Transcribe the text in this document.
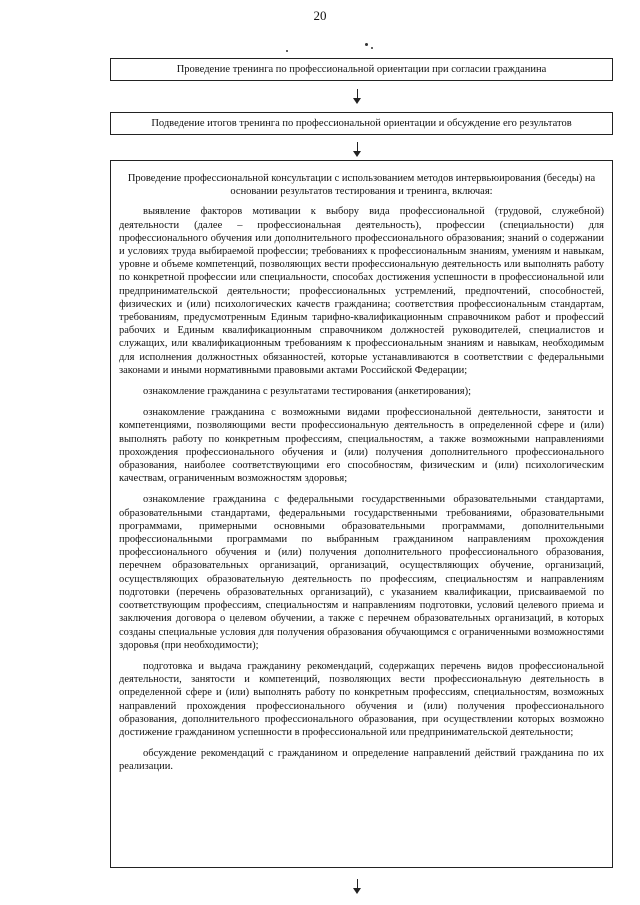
20
Проведение тренинга по профессиональной ориентации при согласии гражданина
Подведение итогов тренинга по профессиональной ориентации и обсуждение его результатов
Проведение профессиональной консультации с использованием методов интервьюирования (беседы) на основании результатов тестирования и тренинга, включая:

выявление факторов мотивации к выбору вида профессиональной (трудовой, служебной) деятельности (далее – профессиональная деятельность), профессии (специальности) для профессионального обучения или дополнительного профессионального образования; знаний о содержании и условиях труда выбираемой профессии; требованиях к профессиональным знаниям, умениям и навыкам, уровне и объеме компетенций, позволяющих вести профессиональную деятельность или выполнять работу по конкретной профессии или специальности, способах достижения успешности в профессиональной или предпринимательской деятельности; профессиональных устремлений, предпочтений, способностей, физических и (или) психологических качеств гражданина; соответствия профессиональным стандартам, требованиям, предусмотренным Единым тарифно-квалификационным справочником работ и профессий рабочих и Единым квалификационным справочником должностей руководителей, специалистов и служащих, или квалификационным требованиям к профессиональным знаниям и навыкам, необходимым для исполнения должностных обязанностей, которые устанавливаются в соответствии с федеральными законами и иными нормативными правовыми актами Российской Федерации;

ознакомление гражданина с результатами тестирования (анкетирования);

ознакомление гражданина с возможными видами профессиональной деятельности, занятости и компетенциями, позволяющими вести профессиональную деятельность в определенной сфере и (или) выполнять работу по конкретным профессиям, специальностям, а также возможными направлениями прохождения профессионального обучения и (или) получения дополнительного профессионального образования, наиболее соответствующими его способностям, физическим и (или) психологическим качествам, ограниченным возможностям здоровья;

ознакомление гражданина с федеральными государственными образовательными стандартами, образовательными стандартами, федеральными государственными требованиями, образовательными программами, примерными основными образовательными программами, дополнительными профессиональными программами по выбранным гражданином направлениям прохождения профессионального обучения и (или) получения дополнительного профессионального образования, перечнем образовательных организаций, организаций, осуществляющих обучение, организаций, осуществляющих образовательную деятельность по профессиям, специальностям и направлениям подготовки (перечень образовательных организаций), с указанием квалификации, присваиваемой по соответствующим профессиям, специальностям и направлениям подготовки, условий целевого приема и заключения договора о целевом обучении, а также с перечнем образовательных организаций, в которых созданы специальные условия для получения образования обучающимся с ограниченными возможностями здоровья (при необходимости);

подготовка и выдача гражданину рекомендаций, содержащих перечень видов профессиональной деятельности, занятости и компетенций, позволяющих вести профессиональную деятельность в определенной сфере и (или) выполнять работу по конкретным профессиям, специальностям, возможных направлений прохождения профессионального обучения и (или) получения профессионального образования, дополнительного профессионального образования, при осуществлении которых возможно достижение гражданином успешности в профессиональной или предпринимательской деятельности;

обсуждение рекомендаций с гражданином и определение направлений действий гражданина по их реализации.
